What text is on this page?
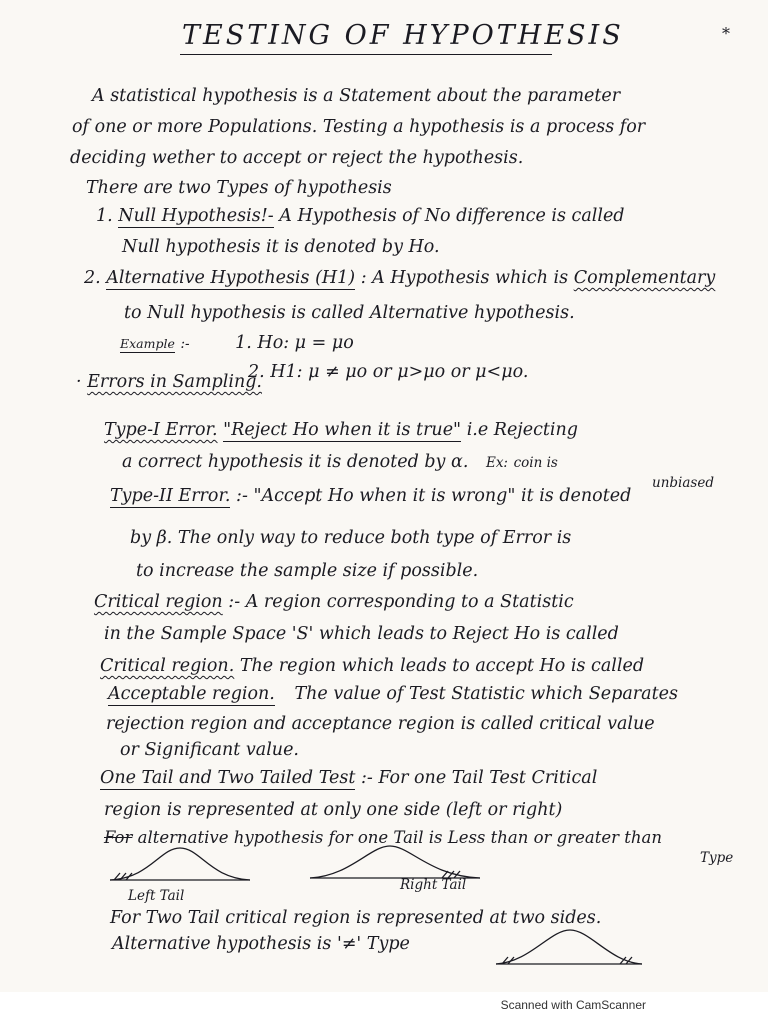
TESTING OF HYPOTHESIS	*
A statistical hypothesis is a Statement about the parameter
of one or more Populations. Testing a hypothesis is a process for
deciding wether to accept or reject the hypothesis.
There are two Types of hypothesis
1. Null Hypothesis!- A Hypothesis of No difference is called
Null hypothesis it is denoted by Ho.
2. Alternative Hypothesis (H1) : A Hypothesis which is Complementary
to Null hypothesis is called Alternative hypothesis.
Example :-	1. Ho: μ = μo
2. H1: μ ≠ μo or μ>μo or μ<μo.
· Errors in Sampling.
Type-I Error. "Reject Ho when it is true" i.e Rejecting
a correct hypothesis it is denoted by α. Ex: coin is
unbiased
Type-II Error. :- "Accept Ho when it is wrong" it is denoted
by β. The only way to reduce both type of Error is
to increase the sample size if possible.
Critical region :- A region corresponding to a Statistic
in the Sample Space 'S' which leads to Reject Ho is called
Critical region. The region which leads to accept Ho is called
Acceptable region. The value of Test Statistic which Separates
rejection region and acceptance region is called critical value
or Significant value.
One Tail and Two Tailed Test :- For one Tail Test Critical
region is represented at only one side (left or right)
For alternative hypothesis for one Tail is Less than or greater than
Type
Left Tail
Right Tail
For Two Tail critical region is represented at two sides.
Alternative hypothesis is '≠' Type
Scanned with CamScanner
